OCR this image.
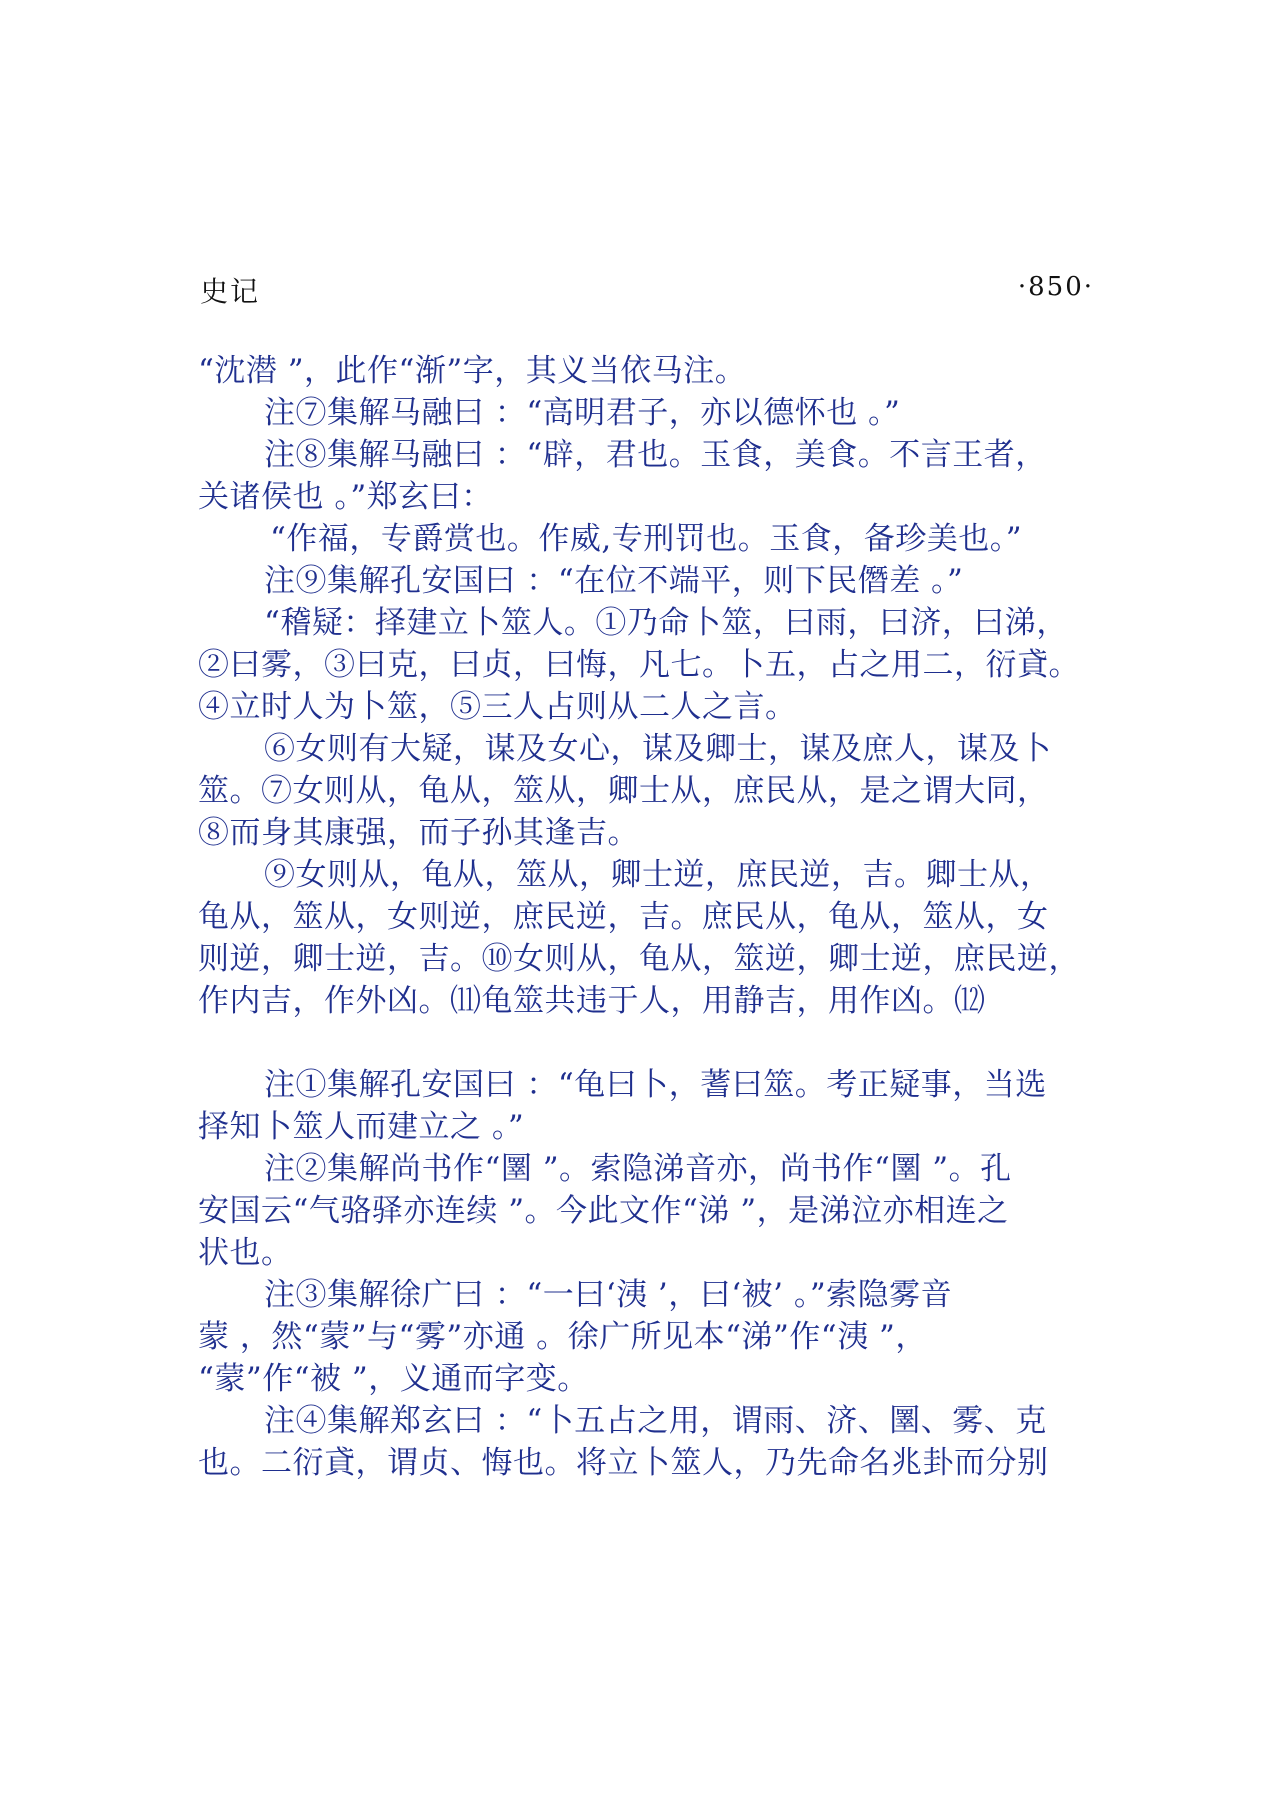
史记	·850·

“沈潜 ”，此作“渐”字，其义当依马注。

注⑦集解马融曰 ：“高明君子，亦以德怀也 。”

注⑧集解马融曰 ：“辟，君也。玉食，美食。不言王者，

关诸侯也 。”郑玄曰：

“作福，专爵赏也。作威,专刑罚也。玉食，备珍美也。”

注⑨集解孔安国曰 ：“在位不端平，则下民僭差 。”

“稽疑：择建立卜筮人。①乃命卜筮，曰雨，曰济，曰涕，

②曰雾，③曰克，曰贞，曰悔，凡七。卜五，占之用二，衍貣。

④立时人为卜筮，⑤三人占则从二人之言。

⑥女则有大疑，谋及女心，谋及卿士，谋及庶人，谋及卜

筮。⑦女则从，龟从，筮从，卿士从，庶民从，是之谓大同，

⑧而身其康强，而子孙其逢吉。

⑨女则从，龟从，筮从，卿士逆，庶民逆，吉。卿士从，

龟从，筮从，女则逆，庶民逆，吉。庶民从，龟从，筮从，女

则逆，卿士逆，吉。⑩女则从，龟从，筮逆，卿士逆，庶民逆，

作内吉，作外凶。⑾龟筮共违于人，用静吉，用作凶。⑿

注①集解孔安国曰 ：“龟曰卜，蓍曰筮。考正疑事，当选

择知卜筮人而建立之 。”

注②集解尚书作“圛 ”。索隐涕音亦，尚书作“圛 ”。孔

安国云“气骆驿亦连续 ”。今此文作“涕 ”，是涕泣亦相连之

状也。

注③集解徐广曰 ：“一曰‘洟 ’，曰‘被’ 。”索隐雾音

蒙 ，然“蒙”与“雾”亦通 。徐广所见本“涕”作“洟 ”，

“蒙”作“被 ”，义通而字变。

注④集解郑玄曰 ：“卜五占之用，谓雨、济、圛、雾、克

也。二衍貣，谓贞、悔也。将立卜筮人，乃先命名兆卦而分别
